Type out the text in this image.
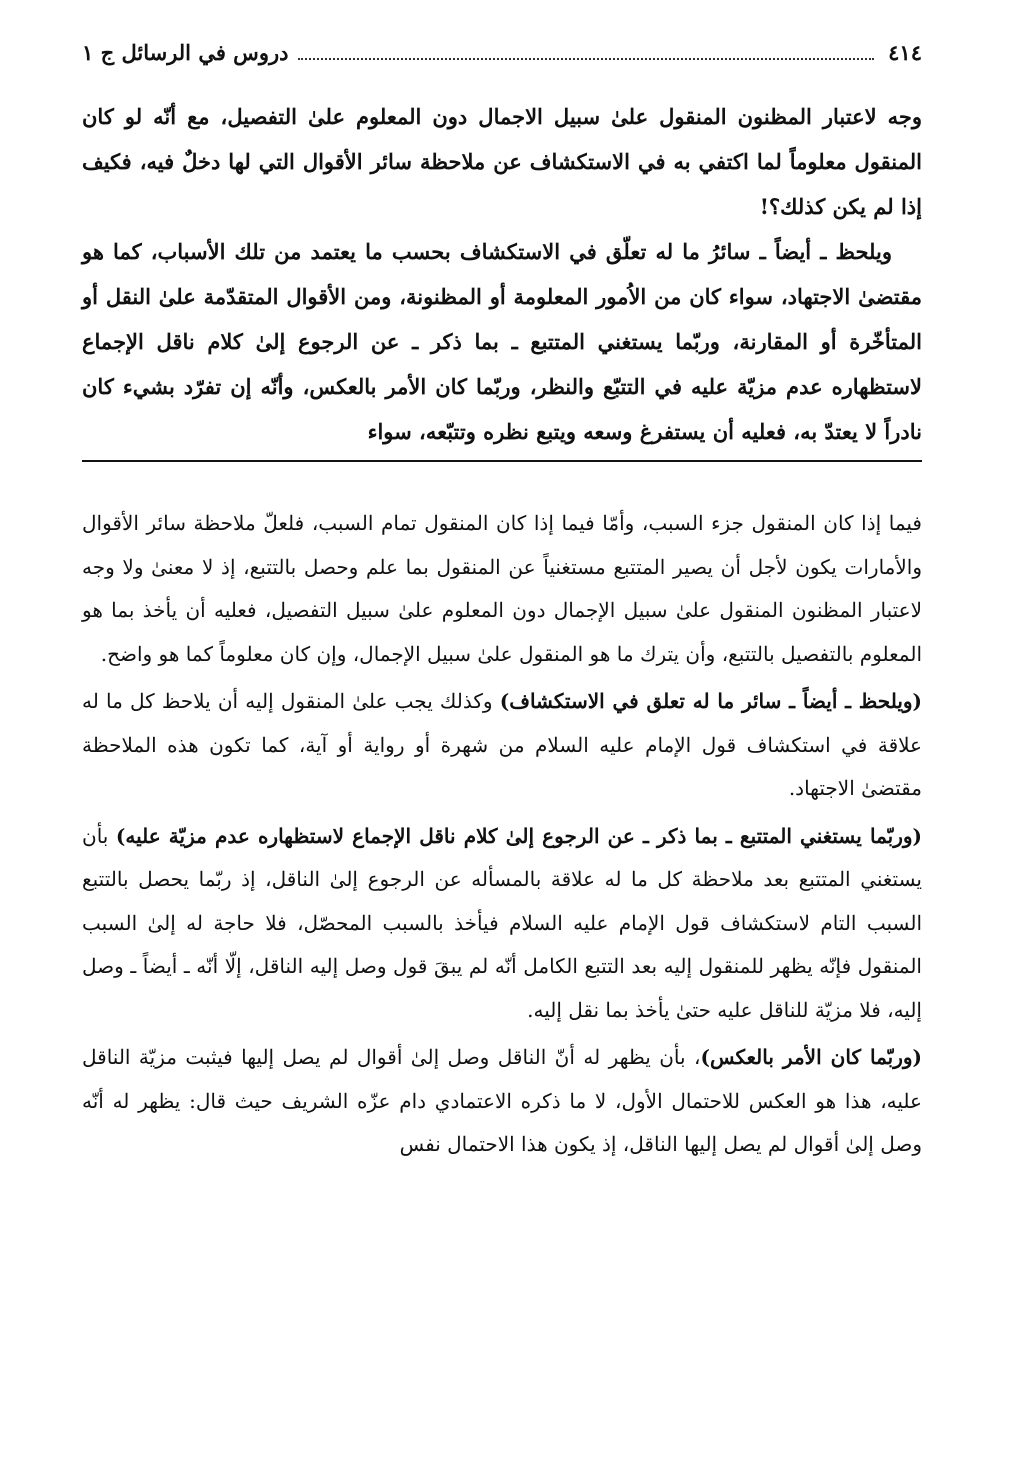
٤١٤
دروس في الرسائل ج ١

وجه لاعتبار المظنون المنقول علىٰ سبيل الاجمال دون المعلوم علىٰ التفصيل، مع أنّه لو كان المنقول معلوماً لما اكتفي به في الاستكشاف عن ملاحظة سائر الأقوال التي لها دخلٌ فيه، فكيف إذا لم يكن كذلك؟!

ويلحظ ـ أيضاً ـ سائرُ ما له تعلّق في الاستكشاف بحسب ما يعتمد من تلك الأسباب، كما هو مقتضىٰ الاجتهاد، سواء كان من الاُمور المعلومة أو المظنونة، ومن الأقوال المتقدّمة علىٰ النقل أو المتأخّرة أو المقارنة، وربّما يستغني المتتبع ـ بما ذكر ـ عن الرجوع إلىٰ كلام ناقل الإجماع لاستظهاره عدم مزيّة عليه في التتبّع والنظر، وربّما كان الأمر بالعكس، وأنّه إن تفرّد بشيء كان نادراً لا يعتدّ به، فعليه أن يستفرغ وسعه ويتبع نظره وتتبّعه، سواء

فيما إذا كان المنقول جزء السبب، وأمّا فيما إذا كان المنقول تمام السبب، فلعلّ ملاحظة سائر الأقوال والأمارات يكون لأجل أن يصير المتتبع مستغنياً عن المنقول بما علم وحصل بالتتبع، إذ لا معنىٰ ولا وجه لاعتبار المظنون المنقول علىٰ سبيل الإجمال دون المعلوم علىٰ سبيل التفصيل، فعليه أن يأخذ بما هو المعلوم بالتفصيل بالتتبع، وأن يترك ما هو المنقول علىٰ سبيل الإجمال، وإن كان معلوماً كما هو واضح.

(ويلحظ ـ أيضاً ـ سائر ما له تعلق في الاستكشاف) وكذلك يجب علىٰ المنقول إليه أن يلاحظ كل ما له علاقة في استكشاف قول الإمام عليه السلام من شهرة أو رواية أو آية، كما تكون هذه الملاحظة مقتضىٰ الاجتهاد.

(وربّما يستغني المتتبع ـ بما ذكر ـ عن الرجوع إلىٰ كلام ناقل الإجماع لاستظهاره عدم مزيّة عليه) بأن يستغني المتتبع بعد ملاحظة كل ما له علاقة بالمسأله عن الرجوع إلىٰ الناقل، إذ ربّما يحصل بالتتبع السبب التام لاستكشاف قول الإمام عليه السلام فيأخذ بالسبب المحصّل، فلا حاجة له إلىٰ السبب المنقول فإنّه يظهر للمنقول إليه بعد التتبع الكامل أنّه لم يبقَ قول وصل إليه الناقل، إلّا أنّه ـ أيضاً ـ وصل إليه، فلا مزيّة للناقل عليه حتىٰ يأخذ بما نقل إليه.

(وربّما كان الأمر بالعكس)، بأن يظهر له أنّ الناقل وصل إلىٰ أقوال لم يصل إليها فيثبت مزيّة الناقل عليه، هذا هو العكس للاحتمال الأول، لا ما ذكره الاعتمادي دام عزّه الشريف حيث قال: يظهر له أنّه وصل إلىٰ أقوال لم يصل إليها الناقل، إذ يكون هذا الاحتمال نفس
